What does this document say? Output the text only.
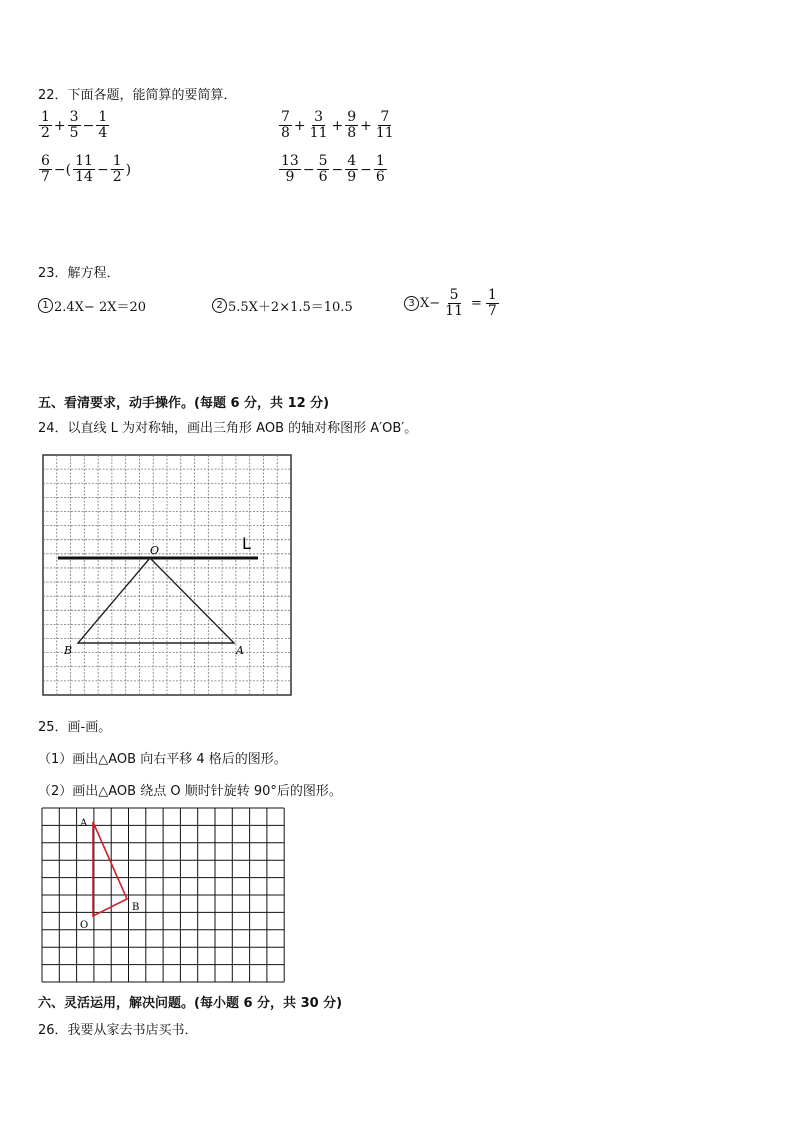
22．下面各题，能简算的要简算．
$\frac{1}{2} + \frac{3}{5} - \frac{1}{4}$	$\frac{7}{8} + \frac{3}{11} + \frac{9}{8} + \frac{7}{11}$
$\frac{6}{7}$ −( $\frac{11}{14} - \frac{1}{2}$ )	$\frac{13}{9} - \frac{5}{6} - \frac{4}{9} - \frac{1}{6}$
23．解方程．
1 2.4X− 2X＝20	2 5.5X＋2×1.5＝10.5	3 $X- \frac{5}{11} = \frac{1}{7}$
五、看清要求，动手操作。(每题 6 分，共 12 分)
24．以直线 L 为对称轴，画出三角形 AOB 的轴对称图形 A′OB′。
L
O
A
B
25．画-画。
（1）画出△AOB 向右平移 4 格后的图形。
（2）画出△AOB 绕点 O 顺时针旋转 90°后的图形。
A
B
O
六、灵活运用，解决问题。(每小题 6 分，共 30 分)
26．我要从家去书店买书．
